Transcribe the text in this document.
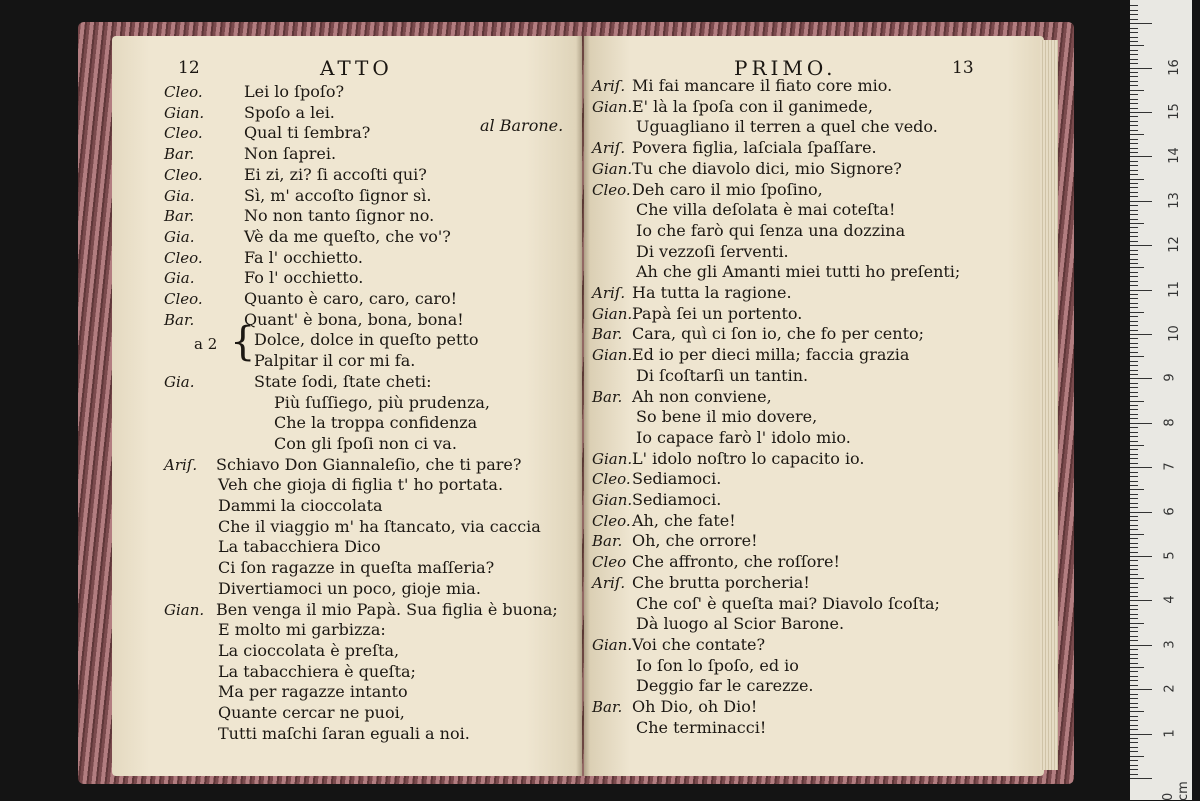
12	ATTO
al Barone.
a 2 {
Cleo.	Lei lo ſpoſo?
Gian. Spoſo a lei.
Cleo.	Qual ti ſembra?
Bar.	Non ſaprei.
Cleo.	Ei zi, zi? ſi accoſti qui?
Gia.	Sì, m' accoſto ſignor sì.
Bar.	No non tanto ſignor no.
Gia.	Vè da me queſto, che vo'?
Cleo.	Fa l' occhietto.
Gia.	Fo l' occhietto.
Cleo.	Quanto è caro, caro, caro!
Bar.	Quant' è bona, bona, bona!
Dolce, dolce in queſto petto
Palpitar il cor mi fa.
Gia.	State ſodi, ſtate cheti:
Più ſuſſiego, più prudenza,
Che la troppa confidenza
Con gli ſpoſi non ci va.
Ariſ. Schiavo Don Giannaleſio, che ti pare?
Veh che gioja di figlia t' ho portata.
Dammi la cioccolata
Che il viaggio m' ha ſtancato, via caccia
La tabacchiera Dico
Ci ſon ragazze in queſta maſſeria?
Divertiamoci un poco, gioje mia.
Gian. Ben venga il mio Papà. Sua figlia è buona;
E molto mi garbizza:
La cioccolata è preſta,
La tabacchiera è queſta;
Ma per ragazze intanto
Quante cercar ne puoi,
Tutti maſchi ſaran eguali a noi.
PRIMO.	13
Ariſ. Mi fai mancare il fiato core mio.
Gian. E' là la ſpoſa con il ganimede,
Uguagliano il terren a quel che vedo.
Ariſ. Povera figlia, laſciala ſpaſſare.
Gian. Tu che diavolo dici, mio Signore?
Cleo. Deh caro il mio ſpoſino,
Che villa deſolata è mai coteſta!
Io che farò qui ſenza una dozzina
Di vezzoſi ſerventi.
Ah che gli Amanti miei tutti ho preſenti;
Ariſ. Ha tutta la ragione.
Gian. Papà ſei un portento.
Bar. Cara, quì ci ſon io, che fo per cento;
Gian. Ed io per dieci milla; faccia grazia
Di ſcoſtarſi un tantin.
Bar. Ah non conviene,
So bene il mio dovere,
Io capace farò l' idolo mio.
Gian. L' idolo noſtro lo capacito io.
Cleo. Sediamoci.
Gian. Sediamoci.
Cleo. Ah, che fate!
Bar. Oh, che orrore!
Cleo Che affronto, che roſſore!
Ariſ. Che brutta porcheria!
Che coſ' è queſta mai? Diavolo ſcoſta;
Dà luogo al Scior Barone.
Gian. Voi che contate?
Io ſon lo ſpoſo, ed io
Deggio far le carezze.
Bar. Oh Dio, oh Dio!
Che terminacci!
0 cm
1
2
3
4
5
6
7
8
9
10
11
12
13
14
15
16
